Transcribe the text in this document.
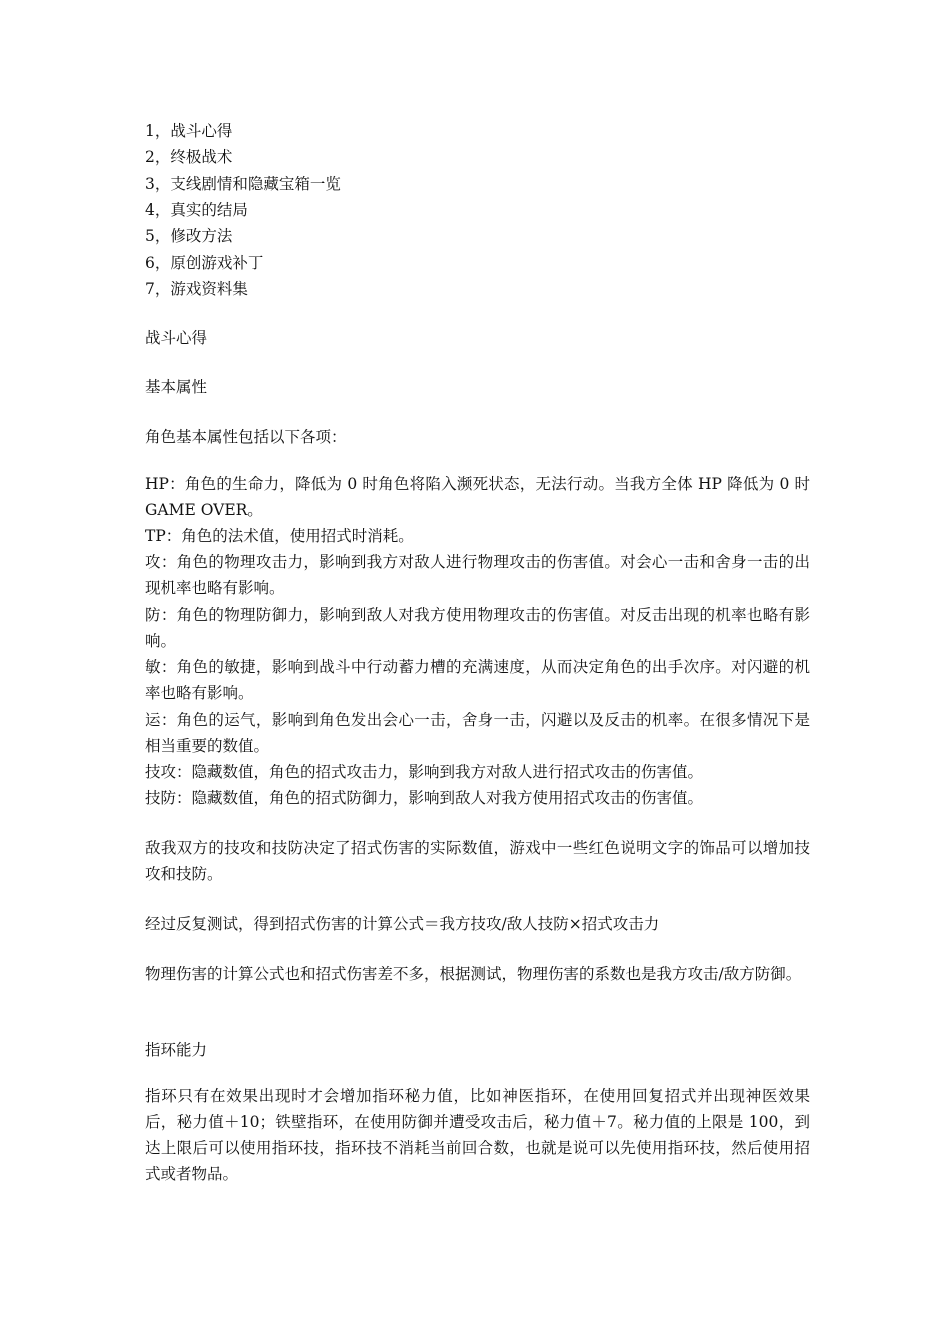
1，战斗心得
2，终极战术
3，支线剧情和隐藏宝箱一览
4，真实的结局
5，修改方法
6，原创游戏补丁
7，游戏资料集
战斗心得
基本属性
角色基本属性包括以下各项：
HP：角色的生命力，降低为 0 时角色将陷入濒死状态，无法行动。当我方全体 HP 降低为 0 时 GAME OVER。
TP：角色的法术值，使用招式时消耗。
攻：角色的物理攻击力，影响到我方对敌人进行物理攻击的伤害值。对会心一击和舍身一击的出现机率也略有影响。
防：角色的物理防御力，影响到敌人对我方使用物理攻击的伤害值。对反击出现的机率也略有影响。
敏：角色的敏捷，影响到战斗中行动蓄力槽的充满速度，从而决定角色的出手次序。对闪避的机率也略有影响。
运：角色的运气，影响到角色发出会心一击，舍身一击，闪避以及反击的机率。在很多情况下是相当重要的数值。
技攻：隐藏数值，角色的招式攻击力，影响到我方对敌人进行招式攻击的伤害值。
技防：隐藏数值，角色的招式防御力，影响到敌人对我方使用招式攻击的伤害值。
敌我双方的技攻和技防决定了招式伤害的实际数值，游戏中一些红色说明文字的饰品可以增加技攻和技防。
经过反复测试，得到招式伤害的计算公式＝我方技攻/敌人技防×招式攻击力
物理伤害的计算公式也和招式伤害差不多，根据测试，物理伤害的系数也是我方攻击/敌方防御。
指环能力
指环只有在效果出现时才会增加指环秘力值，比如神医指环，在使用回复招式并出现神医效果后，秘力值＋10；铁壁指环，在使用防御并遭受攻击后，秘力值＋7。秘力值的上限是 100，到达上限后可以使用指环技，指环技不消耗当前回合数，也就是说可以先使用指环技，然后使用招式或者物品。
